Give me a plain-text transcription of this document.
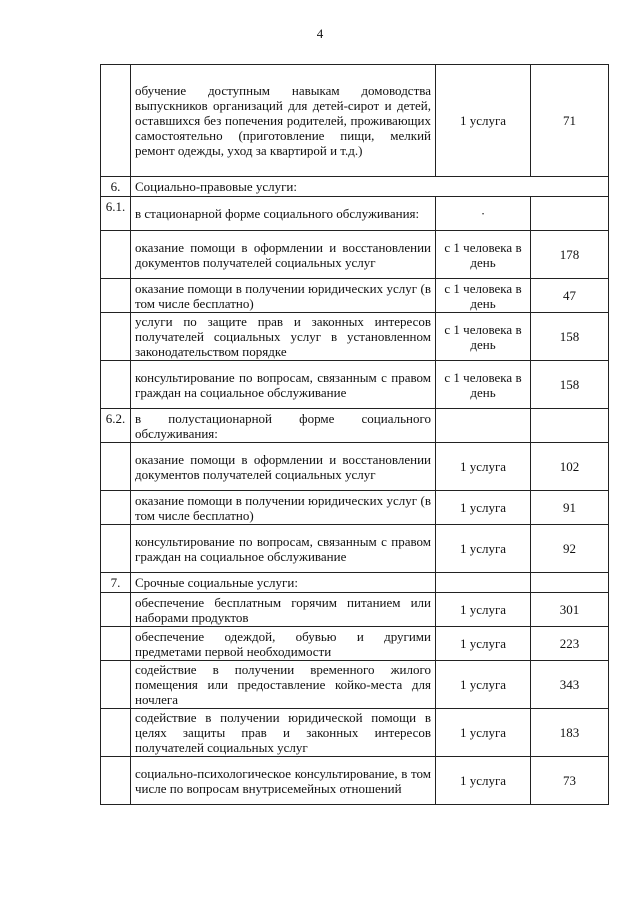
4
	обучение доступным навыкам домоводства выпускников организаций для детей-сирот и детей, оставшихся без попечения родителей, проживающих самостоятельно (приготовление пищи, мелкий ремонт одежды, уход за квартирой и т.д.)	1 услуга	71
6.	Социально-правовые услуги:		
6.1.	в стационарной форме социального обслуживания:	·	
	оказание помощи в оформлении и восстановлении документов получателей социальных услуг	с 1 человека в день	178
	оказание помощи в получении юридических услуг (в том числе бесплатно)	с 1 человека в день	47
	услуги по защите прав и законных интересов получателей социальных услуг в установленном законодательством порядке	с 1 человека в день	158
	консультирование по вопросам, связанным с правом граждан на социальное обслуживание	с 1 человека в день	158
6.2.	в полустационарной форме социального обслуживания:		
	оказание помощи в оформлении и восстановлении документов получателей социальных услуг	1 услуга	102
	оказание помощи в получении юридических услуг (в том числе бесплатно)	1 услуга	91
	консультирование по вопросам, связанным с правом граждан на социальное обслуживание	1 услуга	92
7.	Срочные социальные услуги:		
	обеспечение бесплатным горячим питанием или наборами продуктов	1 услуга	301
	обеспечение одеждой, обувью и другими предметами первой необходимости	1 услуга	223
	содействие в получении временного жилого помещения или предоставление койко-места для ночлега	1 услуга	343
	содействие в получении юридической помощи в целях защиты прав и законных интересов получателей социальных услуг	1 услуга	183
	социально-психологическое консультирование, в том числе по вопросам внутрисемейных отношений	1 услуга	73
